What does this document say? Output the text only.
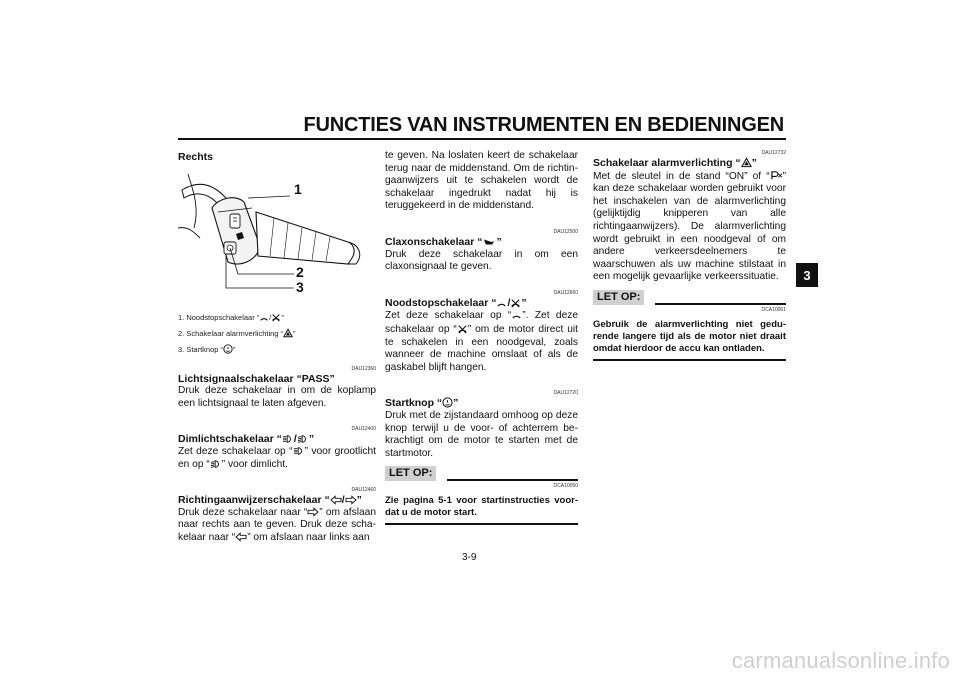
FUNCTIES VAN INSTRUMENTEN EN BEDIENINGEN
3
Rechts
1
2
3
1. Noodstopschakelaar “ / ”
2. Schakelaar alarmverlichting “ ”
3. Startknop “ ”
DAU12360
Lichtsignaalschakelaar “PASS”

Druk deze schakelaar in om de koplamp een lichtsignaal te laten afgeven.

DAU12400
Dimlichtschakelaar “ / ”

Zet deze schakelaar op “ ” voor grootlicht en op “ ” voor dimlicht.

DAU12460
Richtingaanwijzerschakelaar “ / ”

Druk deze schakelaar naar “ ” om afslaan naar rechts aan te geven. Druk deze schakelaar naar “ ” om afslaan naar links aan

te geven. Na loslaten keert de schakelaar terug naar de middenstand. Om de richtingaanwijzers uit te schakelen wordt de schakelaar ingedrukt nadat hij is teruggekeerd in de middenstand.

DAU12500
Claxonschakelaar “ ”

Druk deze schakelaar in om een claxonsignaal te geven.

DAU12660
Noodstopschakelaar “ / ”

Zet deze schakelaar op “ ”. Zet deze schakelaar op “ ” om de motor direct uit te schakelen in een noodgeval, zoals wanneer de machine omslaat of als de gaskabel blijft hangen.

DAU12720
Startknop “ ”

Druk met de zijstandaard omhoog op deze knop terwijl u de voor- of achterrem bekrachtigt om de motor te starten met de startmotor.

LET OP:
DCA10050
Zie pagina 5-1 voor startinstructies voordat u de motor start.
DAU12732
Schakelaar alarmverlichting “ ”

Met de sleutel in de stand “ON” of “ ” kan deze schakelaar worden gebruikt voor het inschakelen van de alarmverlichting (gelijktijdig knipperen van alle richtingaanwijzers). De alarmverlichting wordt gebruikt in een noodgeval of om andere verkeersdeelnemers te waarschuwen als uw machine stilstaat in een mogelijk gevaarlijke verkeerssituatie.

LET OP:
DCA10061
Gebruik de alarmverlichting niet gedurende langere tijd als de motor niet draait omdat hierdoor de accu kan ontladen.
3-9
carmanualsonline.info
